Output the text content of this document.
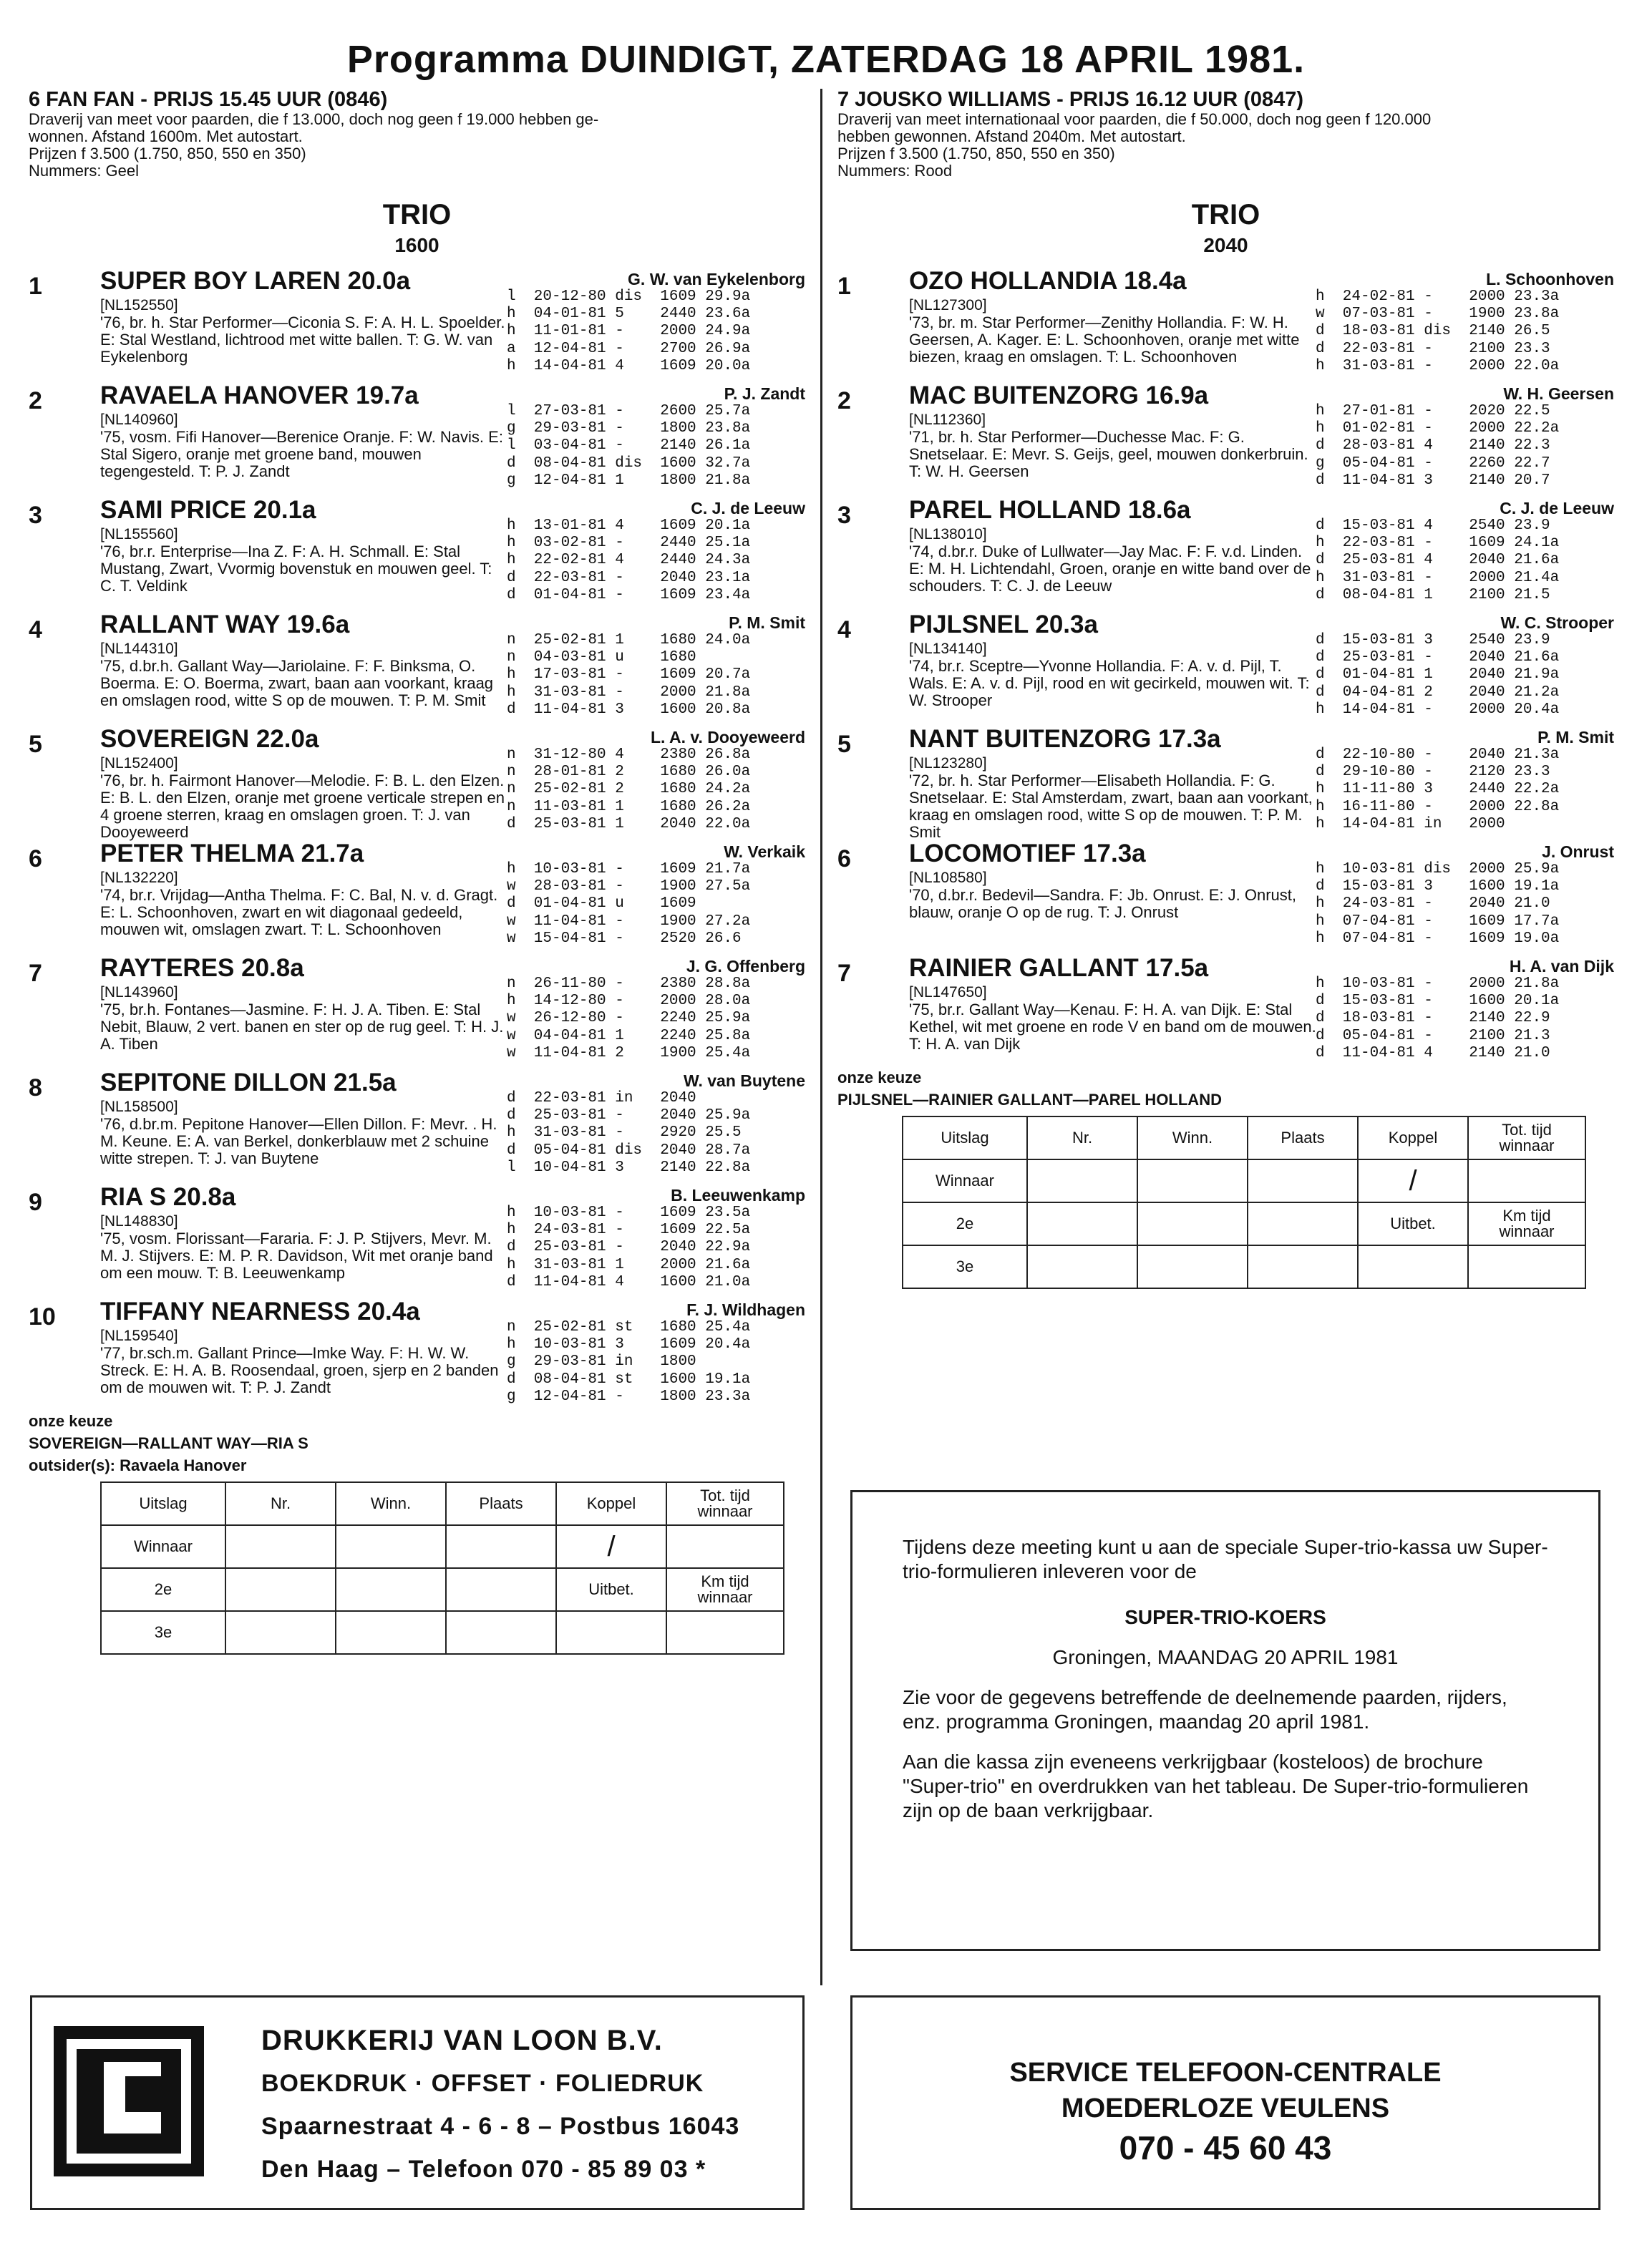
Programma DUINDIGT, ZATERDAG 18 APRIL 1981.
6 FAN FAN - PRIJS 15.45 UUR (0846)
Draverij van meet voor paarden, die f 13.000, doch nog geen f 19.000 hebben ge-
wonnen. Afstand 1600m. Met autostart.
Prijzen f 3.500 (1.750, 850, 550 en 350)
Nummers: Geel
TRIO
1600
1 SUPER BOY LAREN 20.0a
[NL152550]
'76, br. h. Star Performer—Ciconia S. F: A. H. L. Spoelder. E: Stal Westland, lichtrood met witte ballen. T: G. W. van Eykelenborg
G. W. van Eykelenborg
l  20-12-80 dis  1609 29.9a
h  04-01-81 5    2440 23.6a
h  11-01-81 -    2000 24.9a
a  12-04-81 -    2700 26.9a
h  14-04-81 4    1609 20.0a
2 RAVAELA HANOVER 19.7a
[NL140960]
'75, vosm. Fifi Hanover—Berenice Oranje. F: W. Navis. E: Stal Sigero, oranje met groene band, mouwen tegengesteld. T: P. J. Zandt
P. J. Zandt
l  27-03-81 -    2600 25.7a
g  29-03-81 -    1800 23.8a
l  03-04-81 -    2140 26.1a
d  08-04-81 dis  1600 32.7a
g  12-04-81 1    1800 21.8a
3 SAMI PRICE 20.1a
[NL155560]
'76, br.r. Enterprise—Ina Z. F: A. H. Schmall. E: Stal Mustang, Zwart, Vvormig bovenstuk en mouwen geel. T: C. T. Veldink
C. J. de Leeuw
h  13-01-81 4    1609 20.1a
h  03-02-81 -    2440 25.1a
h  22-02-81 4    2440 24.3a
d  22-03-81 -    2040 23.1a
d  01-04-81 -    1609 23.4a
4 RALLANT WAY 19.6a
[NL144310]
'75, d.br.h. Gallant Way—Jariolaine. F: F. Binksma, O. Boerma. E: O. Boerma, zwart, baan aan voorkant, kraag en omslagen rood, witte S op de mouwen. T: P. M. Smit
P. M. Smit
n  25-02-81 1    1680 24.0a
n  04-03-81 u    1680
h  17-03-81 -    1609 20.7a
h  31-03-81 -    2000 21.8a
d  11-04-81 3    1600 20.8a
5 SOVEREIGN 22.0a
[NL152400]
'76, br. h. Fairmont Hanover—Melodie. F: B. L. den Elzen. E: B. L. den Elzen, oranje met groene verticale strepen en 4 groene sterren, kraag en omslagen groen. T: J. van Dooyeweerd
L. A. v. Dooyeweerd
n  31-12-80 4    2380 26.8a
n  28-01-81 2    1680 26.0a
n  25-02-81 2    1680 24.2a
n  11-03-81 1    1680 26.2a
d  25-03-81 1    2040 22.0a
6 PETER THELMA 21.7a
[NL132220]
'74, br.r. Vrijdag—Antha Thelma. F: C. Bal, N. v. d. Gragt. E: L. Schoonhoven, zwart en wit diagonaal gedeeld, mouwen wit, omslagen zwart. T: L. Schoonhoven
W. Verkaik
h  10-03-81 -    1609 21.7a
w  28-03-81 -    1900 27.5a
d  01-04-81 u    1609
w  11-04-81 -    1900 27.2a
w  15-04-81 -    2520 26.6
7 RAYTERES 20.8a
[NL143960]
'75, br.h. Fontanes—Jasmine. F: H. J. A. Tiben. E: Stal Nebit, Blauw, 2 vert. banen en ster op de rug geel. T: H. J. A. Tiben
J. G. Offenberg
n  26-11-80 -    2380 28.8a
h  14-12-80 -    2000 28.0a
w  26-12-80 -    2240 25.9a
w  04-04-81 1    2240 25.8a
w  11-04-81 2    1900 25.4a
8 SEPITONE DILLON 21.5a
[NL158500]
'76, d.br.m. Pepitone Hanover—Ellen Dillon. F: Mevr. . H. M. Keune. E: A. van Berkel, donkerblauw met 2 schuine witte strepen. T: J. van Buytene
W. van Buytene
d  22-03-81 in   2040
d  25-03-81 -    2040 25.9a
h  31-03-81 -    2920 25.5
d  05-04-81 dis  2040 28.7a
l  10-04-81 3    2140 22.8a
9 RIA S 20.8a
[NL148830]
'75, vosm. Florissant—Fararia. F: J. P. Stijvers, Mevr. M. M. J. Stijvers. E: M. P. R. Davidson, Wit met oranje band om een mouw. T: B. Leeuwenkamp
B. Leeuwenkamp
h  10-03-81 -    1609 23.5a
h  24-03-81 -    1609 22.5a
d  25-03-81 -    2040 22.9a
h  31-03-81 1    2000 21.6a
d  11-04-81 4    1600 21.0a
10 TIFFANY NEARNESS 20.4a
[NL159540]
'77, br.sch.m. Gallant Prince—Imke Way. F: H. W. W. Streck. E: H. A. B. Roosendaal, groen, sjerp en 2 banden om de mouwen wit. T: P. J. Zandt
F. J. Wildhagen
n  25-02-81 st   1680 25.4a
h  10-03-81 3    1609 20.4a
g  29-03-81 in   1800
d  08-04-81 st   1600 19.1a
g  12-04-81 -    1800 23.3a
onze keuze
SOVEREIGN—RALLANT WAY—RIA S
outsider(s): Ravaela Hanover
Uitslag	Nr.	Winn.	Plaats	Koppel	Tot. tijd winnaar
Winnaar				/	
2e				Uitbet.	Km tijd winnaar
3e					
7 JOUSKO WILLIAMS - PRIJS 16.12 UUR (0847)
Draverij van meet internationaal voor paarden, die f 50.000, doch nog geen f 120.000
hebben gewonnen. Afstand 2040m. Met autostart.
Prijzen f 3.500 (1.750, 850, 550 en 350)
Nummers: Rood
TRIO
2040
1 OZO HOLLANDIA 18.4a
[NL127300]
'73, br. m. Star Performer—Zenithy Hollandia. F: W. H. Geersen, A. Kager. E: L. Schoonhoven, oranje met witte biezen, kraag en omslagen. T: L. Schoonhoven
L. Schoonhoven
h  24-02-81 -    2000 23.3a
w  07-03-81 -    1900 23.8a
d  18-03-81 dis  2140 26.5
d  22-03-81 -    2100 23.3
h  31-03-81 -    2000 22.0a
2 MAC BUITENZORG 16.9a
[NL112360]
'71, br. h. Star Performer—Duchesse Mac. F: G. Snetselaar. E: Mevr. S. Geijs, geel, mouwen donkerbruin. T: W. H. Geersen
W. H. Geersen
h  27-01-81 -    2020 22.5
h  01-02-81 -    2000 22.2a
d  28-03-81 4    2140 22.3
g  05-04-81 -    2260 22.7
d  11-04-81 3    2140 20.7
3 PAREL HOLLAND 18.6a
[NL138010]
'74, d.br.r. Duke of Lullwater—Jay Mac. F: F. v.d. Linden. E: M. H. Lichtendahl, Groen, oranje en witte band over de schouders. T: C. J. de Leeuw
C. J. de Leeuw
d  15-03-81 4    2540 23.9
h  22-03-81 -    1609 24.1a
d  25-03-81 4    2040 21.6a
h  31-03-81 -    2000 21.4a
d  08-04-81 1    2100 21.5
4 PIJLSNEL 20.3a
[NL134140]
'74, br.r. Sceptre—Yvonne Hollandia. F: A. v. d. Pijl, T. Wals. E: A. v. d. Pijl, rood en wit gecirkeld, mouwen wit. T: W. Strooper
W. C. Strooper
d  15-03-81 3    2540 23.9
d  25-03-81 -    2040 21.6a
d  01-04-81 1    2040 21.9a
d  04-04-81 2    2040 21.2a
h  14-04-81 -    2000 20.4a
5 NANT BUITENZORG 17.3a
[NL123280]
'72, br. h. Star Performer—Elisabeth Hollandia. F: G. Snetselaar. E: Stal Amsterdam, zwart, baan aan voorkant, kraag en omslagen rood, witte S op de mouwen. T: P. M. Smit
P. M. Smit
d  22-10-80 -    2040 21.3a
d  29-10-80 -    2120 23.3
h  11-11-80 3    2440 22.2a
h  16-11-80 -    2000 22.8a
h  14-04-81 in   2000
6 LOCOMOTIEF 17.3a
[NL108580]
'70, d.br.r. Bedevil—Sandra. F: Jb. Onrust. E: J. Onrust, blauw, oranje O op de rug. T: J. Onrust
J. Onrust
h  10-03-81 dis  2000 25.9a
d  15-03-81 3    1600 19.1a
h  24-03-81 -    2040 21.0
h  07-04-81 -    1609 17.7a
h  07-04-81 -    1609 19.0a
7 RAINIER GALLANT 17.5a
[NL147650]
'75, br.r. Gallant Way—Kenau. F: H. A. van Dijk. E: Stal Kethel, wit met groene en rode V en band om de mouwen. T: H. A. van Dijk
H. A. van Dijk
h  10-03-81 -    2000 21.8a
d  15-03-81 -    1600 20.1a
d  18-03-81 -    2140 22.9
d  05-04-81 -    2100 21.3
d  11-04-81 4    2140 21.0
onze keuze
PIJLSNEL—RAINIER GALLANT—PAREL HOLLAND
Uitslag	Nr.	Winn.	Plaats	Koppel	Tot. tijd winnaar
Winnaar				/	
2e				Uitbet.	Km tijd winnaar
3e					

Tijdens deze meeting kunt u aan de speciale Super-trio-kassa uw Super-trio-formulieren inleveren voor de

SUPER-TRIO-KOERS

Groningen, MAANDAG 20 APRIL 1981

Zie voor de gegevens betreffende de deelnemende paarden, rijders, enz. programma Groningen, maandag 20 april 1981.

Aan die kassa zijn eveneens verkrijgbaar (kosteloos) de brochure "Super-trio" en overdrukken van het tableau. De Super-trio-formulieren zijn op de baan verkrijgbaar.

DRUKKERIJ VAN LOON B.V.
BOEKDRUK · OFFSET · FOLIEDRUK
Spaarnestraat 4 - 6 - 8 – Postbus 16043
Den Haag – Telefoon 070 - 85 89 03 *
SERVICE TELEFOON-CENTRALE
MOEDERLOZE VEULENS
070 - 45 60 43
